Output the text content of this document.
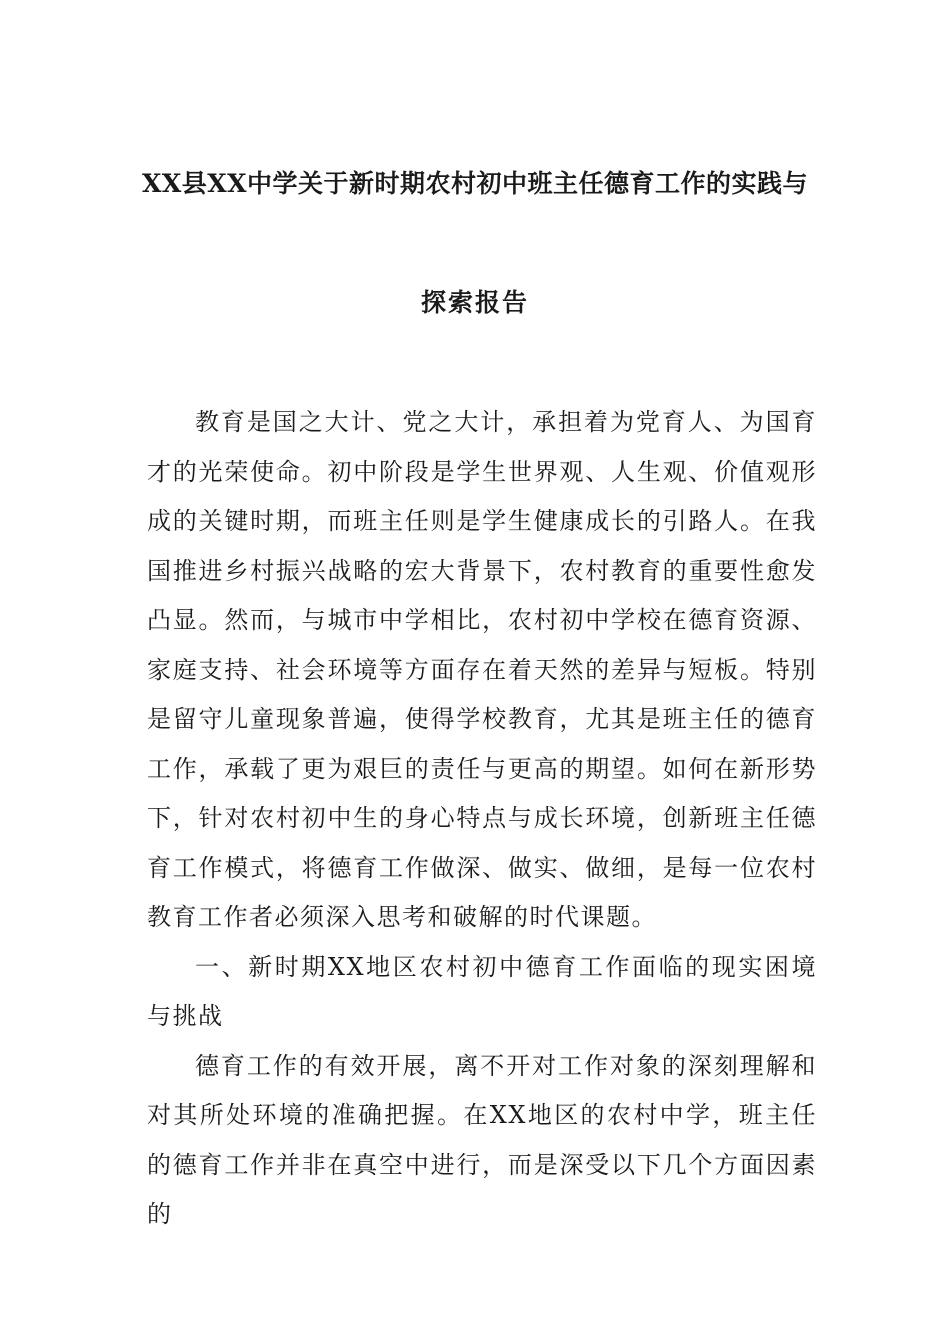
XX县XX中学关于新时期农村初中班主任德育工作的实践与
探索报告

教育是国之大计、党之大计，承担着为党育人、为国育才的光荣使命。初中阶段是学生世界观、人生观、价值观形成的关键时期，而班主任则是学生健康成长的引路人。在我国推进乡村振兴战略的宏大背景下，农村教育的重要性愈发凸显。然而，与城市中学相比，农村初中学校在德育资源、家庭支持、社会环境等方面存在着天然的差异与短板。特别是留守儿童现象普遍，使得学校教育，尤其是班主任的德育工作，承载了更为艰巨的责任与更高的期望。如何在新形势下，针对农村初中生的身心特点与成长环境，创新班主任德育工作模式，将德育工作做深、做实、做细，是每一位农村教育工作者必须深入思考和破解的时代课题。

一、新时期XX地区农村初中德育工作面临的现实困境与挑战

德育工作的有效开展，离不开对工作对象的深刻理解和对其所处环境的准确把握。在XX地区的农村中学，班主任的德育工作并非在真空中进行，而是深受以下几个方面因素的
